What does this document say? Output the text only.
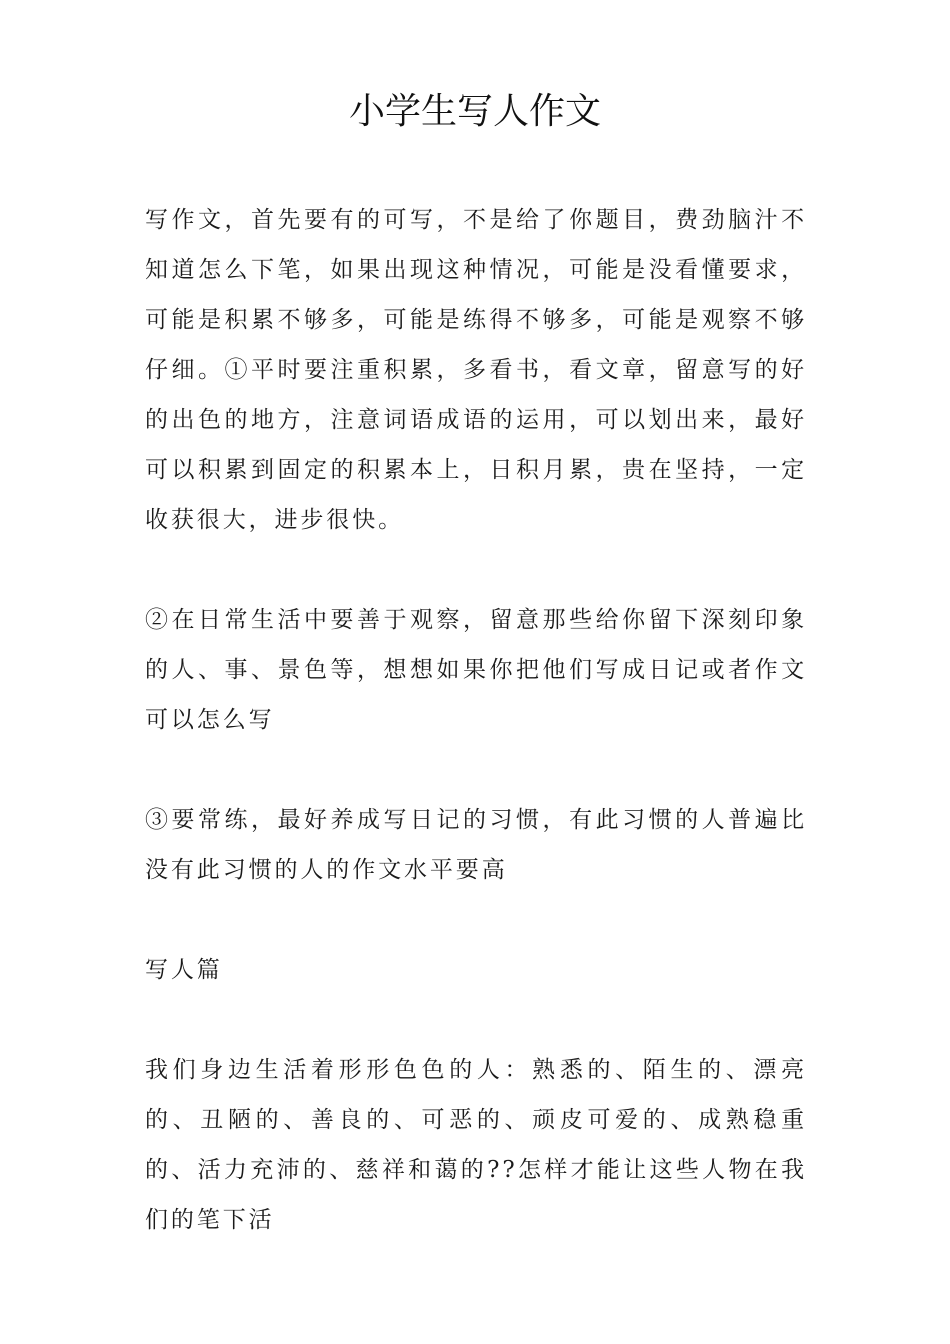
小学生写人作文

写作文，首先要有的可写，不是给了你题目，费劲脑汁不知道怎么下笔，如果出现这种情况，可能是没看懂要求，可能是积累不够多，可能是练得不够多，可能是观察不够仔细。①平时要注重积累，多看书，看文章，留意写的好的出色的地方，注意词语成语的运用，可以划出来，最好可以积累到固定的积累本上，日积月累，贵在坚持，一定收获很大，进步很快。

②在日常生活中要善于观察，留意那些给你留下深刻印象的人、事、景色等，想想如果你把他们写成日记或者作文可以怎么写

③要常练，最好养成写日记的习惯，有此习惯的人普遍比没有此习惯的人的作文水平要高

写人篇

我们身边生活着形形色色的人：熟悉的、陌生的、漂亮的、丑陋的、善良的、可恶的、顽皮可爱的、成熟稳重的、活力充沛的、慈祥和蔼的??怎样才能让这些人物在我们的笔下活
